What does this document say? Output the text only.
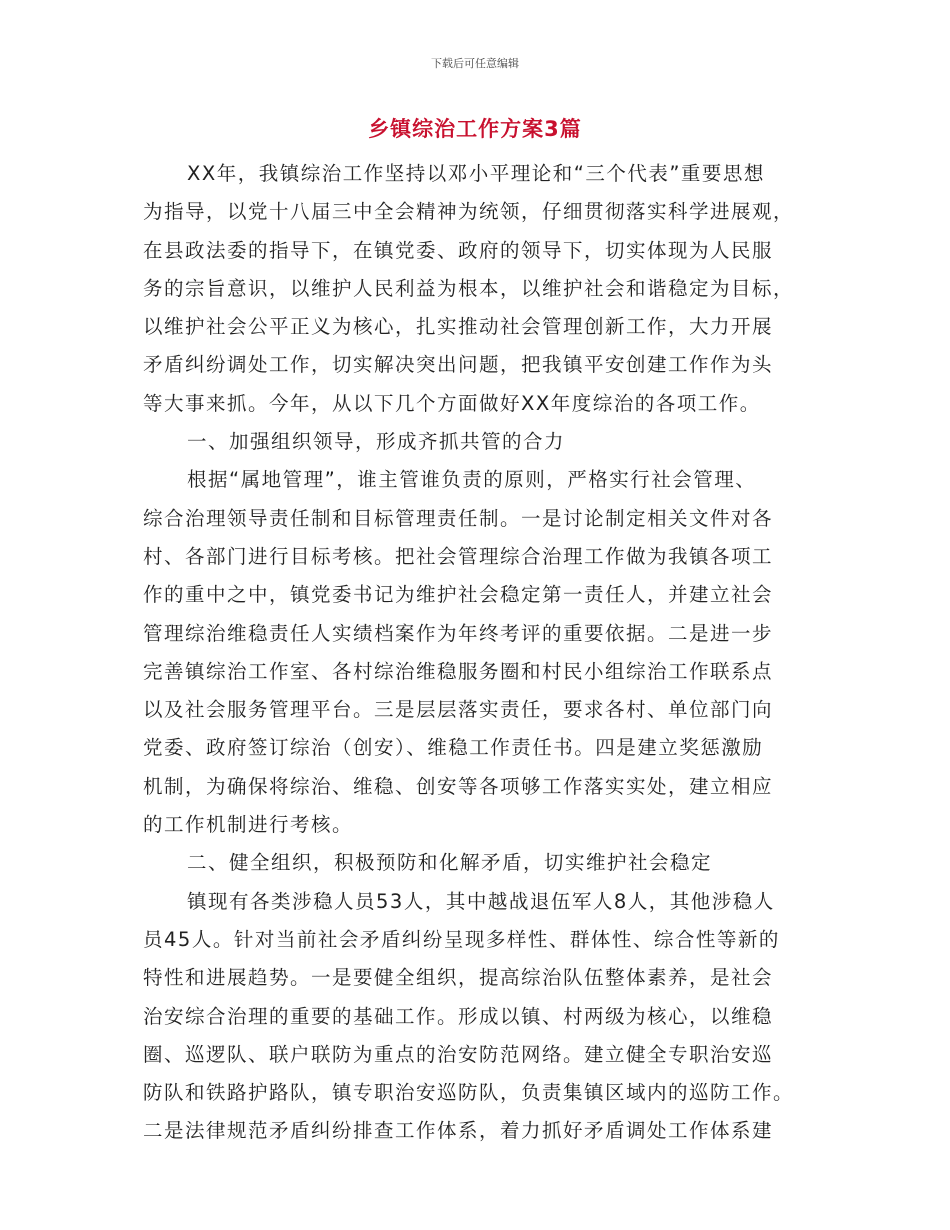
下载后可任意编辑
乡镇综治工作方案3篇
XX年，我镇综治工作坚持以邓小平理论和“三个代表”重要思想
为指导，以党十八届三中全会精神为统领，仔细贯彻落实科学进展观，
在县政法委的指导下，在镇党委、政府的领导下，切实体现为人民服
务的宗旨意识，以维护人民利益为根本，以维护社会和谐稳定为目标，
以维护社会公平正义为核心，扎实推动社会管理创新工作，大力开展
矛盾纠纷调处工作，切实解决突出问题，把我镇平安创建工作作为头
等大事来抓。今年，从以下几个方面做好XX年度综治的各项工作。
一、加强组织领导，形成齐抓共管的合力
根据“属地管理”，谁主管谁负责的原则，严格实行社会管理、
综合治理领导责任制和目标管理责任制。一是讨论制定相关文件对各
村、各部门进行目标考核。把社会管理综合治理工作做为我镇各项工
作的重中之中，镇党委书记为维护社会稳定第一责任人，并建立社会
管理综治维稳责任人实绩档案作为年终考评的重要依据。二是进一步
完善镇综治工作室、各村综治维稳服务圈和村民小组综治工作联系点
以及社会服务管理平台。三是层层落实责任，要求各村、单位部门向
党委、政府签订综治（创安）、维稳工作责任书。四是建立奖惩激励
机制，为确保将综治、维稳、创安等各项够工作落实实处，建立相应
的工作机制进行考核。
二、健全组织，积极预防和化解矛盾，切实维护社会稳定
镇现有各类涉稳人员53人，其中越战退伍军人8人，其他涉稳人
员45人。针对当前社会矛盾纠纷呈现多样性、群体性、综合性等新的
特性和进展趋势。一是要健全组织，提高综治队伍整体素养，是社会
治安综合治理的重要的基础工作。形成以镇、村两级为核心，以维稳
圈、巡逻队、联户联防为重点的治安防范网络。建立健全专职治安巡
防队和铁路护路队，镇专职治安巡防队，负责集镇区域内的巡防工作。
二是法律规范矛盾纠纷排查工作体系，着力抓好矛盾调处工作体系建
